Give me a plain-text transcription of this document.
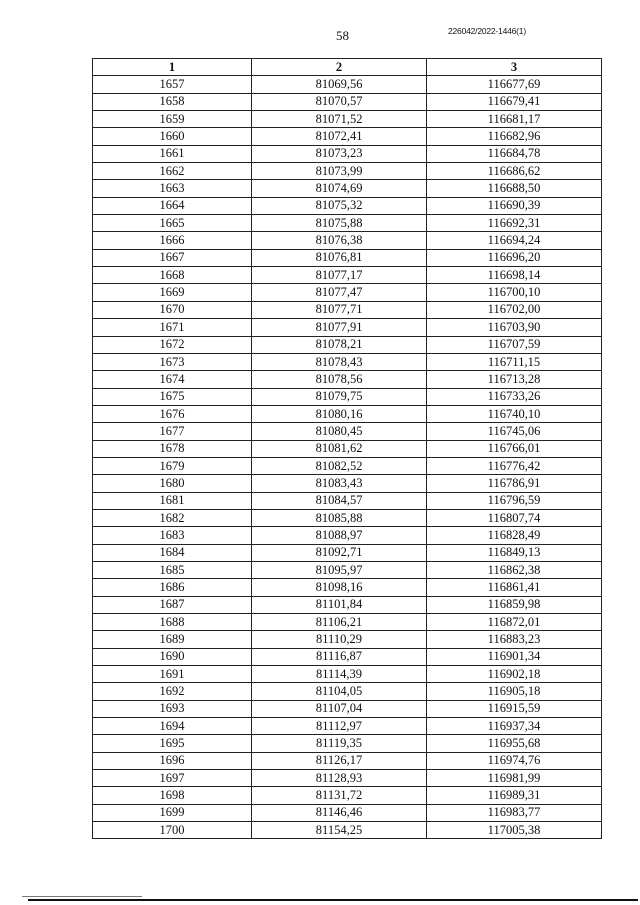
58	226042/2022-1446(1)
1	2	3
1657	81069,56	116677,69
1658	81070,57	116679,41
1659	81071,52	116681,17
1660	81072,41	116682,96
1661	81073,23	116684,78
1662	81073,99	116686,62
1663	81074,69	116688,50
1664	81075,32	116690,39
1665	81075,88	116692,31
1666	81076,38	116694,24
1667	81076,81	116696,20
1668	81077,17	116698,14
1669	81077,47	116700,10
1670	81077,71	116702,00
1671	81077,91	116703,90
1672	81078,21	116707,59
1673	81078,43	116711,15
1674	81078,56	116713,28
1675	81079,75	116733,26
1676	81080,16	116740,10
1677	81080,45	116745,06
1678	81081,62	116766,01
1679	81082,52	116776,42
1680	81083,43	116786,91
1681	81084,57	116796,59
1682	81085,88	116807,74
1683	81088,97	116828,49
1684	81092,71	116849,13
1685	81095,97	116862,38
1686	81098,16	116861,41
1687	81101,84	116859,98
1688	81106,21	116872,01
1689	81110,29	116883,23
1690	81116,87	116901,34
1691	81114,39	116902,18
1692	81104,05	116905,18
1693	81107,04	116915,59
1694	81112,97	116937,34
1695	81119,35	116955,68
1696	81126,17	116974,76
1697	81128,93	116981,99
1698	81131,72	116989,31
1699	81146,46	116983,77
1700	81154,25	117005,38
